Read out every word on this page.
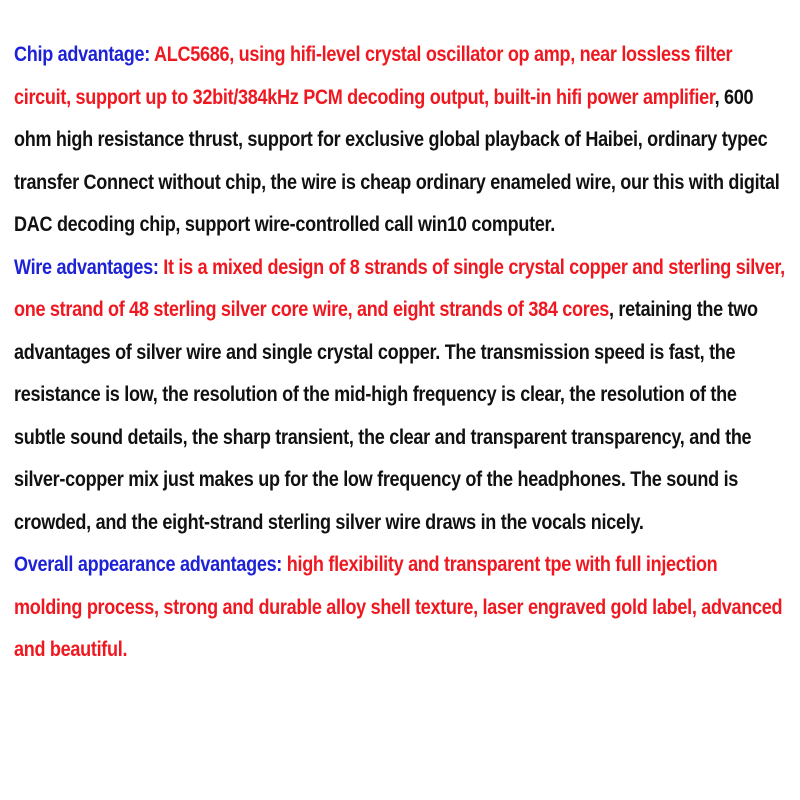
Chip advantage: ALC5686, using hifi-level crystal oscillator op amp, near lossless filter circuit, support up to 32bit/384kHz PCM decoding output, built-in hifi power amplifier, 600 ohm high resistance thrust, support for exclusive global playback of Haibei, ordinary typec transfer Connect without chip, the wire is cheap ordinary enameled wire, our this with digital DAC decoding chip, support wire-controlled call win10 computer.

Wire advantages: It is a mixed design of 8 strands of single crystal copper and sterling silver, one strand of 48 sterling silver core wire, and eight strands of 384 cores, retaining the two advantages of silver wire and single crystal copper. The transmission speed is fast, the resistance is low, the resolution of the mid-high frequency is clear, the resolution of the subtle sound details, the sharp transient, the clear and transparent transparency, and the silver-copper mix just makes up for the low frequency of the headphones. The sound is crowded, and the eight-strand sterling silver wire draws in the vocals nicely.

Overall appearance advantages: high flexibility and transparent tpe with full injection molding process, strong and durable alloy shell texture, laser engraved gold label, advanced and beautiful.
